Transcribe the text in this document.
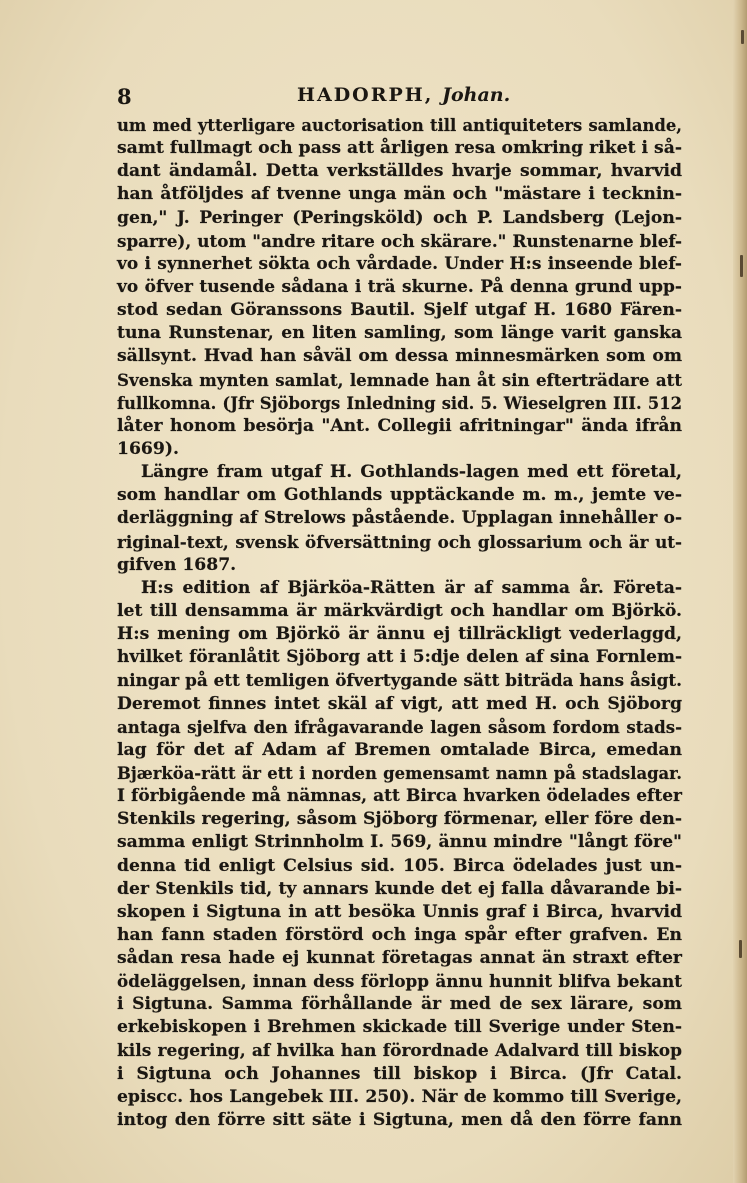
8	HADORPH, Johan.
um med ytterligare auctorisation till antiquiteters samlande,
samt fullmagt och pass att årligen resa omkring riket i så-
dant ändamål. Detta verkställdes hvarje sommar, hvarvid
han åtföljdes af tvenne unga män och "mästare i tecknin-
gen," J. Peringer (Peringsköld) och P. Landsberg (Lejon-
sparre), utom "andre ritare och skärare." Runstenarne blef-
vo i synnerhet sökta och vårdade. Under H:s inseende blef-
vo öfver tusende sådana i trä skurne. På denna grund upp-
stod sedan Göranssons Bautil. Sjelf utgaf H. 1680 Fären-
tuna Runstenar, en liten samling, som länge varit ganska
sällsynt. Hvad han såväl om dessa minnesmärken som om
Svenska mynten samlat, lemnade han åt sin efterträdare att
fullkomna. (Jfr Sjöborgs Inledning sid. 5. Wieselgren III. 512
låter honom besörja "Ant. Collegii afritningar" ända ifrån
1669).
Längre fram utgaf H. Gothlands-lagen med ett företal,
som handlar om Gothlands upptäckande m. m., jemte ve-
derläggning af Strelows påstående. Upplagan innehåller o-
riginal-text, svensk öfversättning och glossarium och är ut-
gifven 1687.
H:s edition af Bjärköa-Rätten är af samma år. Företa-
let till densamma är märkvärdigt och handlar om Björkö.
H:s mening om Björkö är ännu ej tillräckligt vederlaggd,
hvilket föranlåtit Sjöborg att i 5:dje delen af sina Fornlem-
ningar på ett temligen öfvertygande sätt biträda hans åsigt.
Deremot finnes intet skäl af vigt, att med H. och Sjöborg
antaga sjelfva den ifrågavarande lagen såsom fordom stads-
lag för det af Adam af Bremen omtalade Birca, emedan
Bjærköa-rätt är ett i norden gemensamt namn på stadslagar.
I förbigående må nämnas, att Birca hvarken ödelades efter
Stenkils regering, såsom Sjöborg förmenar, eller före den-
samma enligt Strinnholm I. 569, ännu mindre "långt före"
denna tid enligt Celsius sid. 105. Birca ödelades just un-
der Stenkils tid, ty annars kunde det ej falla dåvarande bi-
skopen i Sigtuna in att besöka Unnis graf i Birca, hvarvid
han fann staden förstörd och inga spår efter grafven. En
sådan resa hade ej kunnat företagas annat än straxt efter
ödeläggelsen, innan dess förlopp ännu hunnit blifva bekant
i Sigtuna. Samma förhållande är med de sex lärare, som
erkebiskopen i Brehmen skickade till Sverige under Sten-
kils regering, af hvilka han förordnade Adalvard till biskop
i Sigtuna och Johannes till biskop i Birca. (Jfr Catal.
episcc. hos Langebek III. 250). När de kommo till Sverige,
intog den förre sitt säte i Sigtuna, men då den förre fann
